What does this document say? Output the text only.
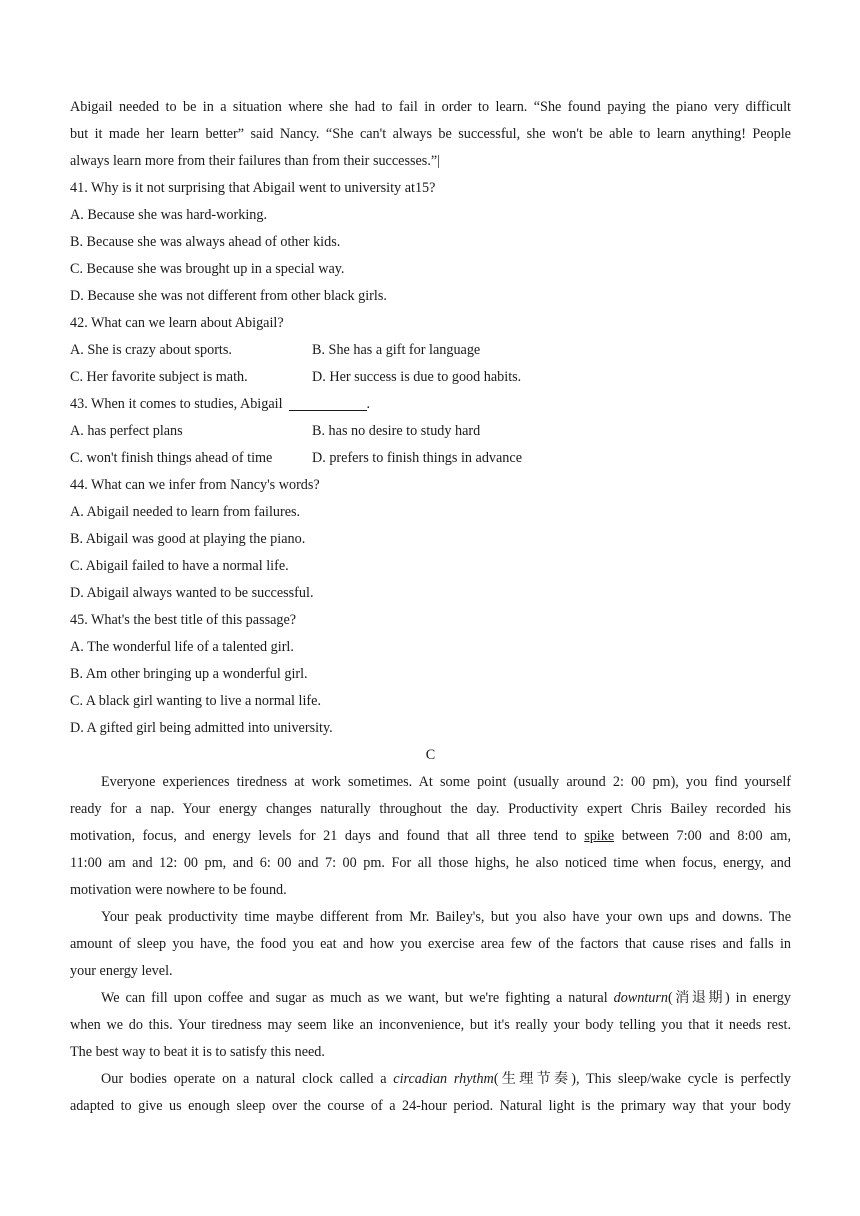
Abigail needed to be in a situation where she had to fail in order to learn. “She found paying the piano very difficult
but it made her learn better” said Nancy. “She can't always be successful, she won't be able to learn anything! People
always learn more from their failures than from their successes.”|
41. Why is it not surprising that Abigail went to university at15?
A. Because she was hard-working.
B. Because she was always ahead of other kids.
C. Because she was brought up in a special way.
D. Because she was not different from other black girls.
42. What can we learn about Abigail?
A. She is crazy about sports.	B. She has a gift for language
C. Her favorite subject is math.	D. Her success is due to good habits.
43. When it comes to studies, Abigail	.
A. has perfect plans	B. has no desire to study hard
C. won't finish things ahead of time	D. prefers to finish things in advance
44. What can we infer from Nancy's words?
A. Abigail needed to learn from failures.
B. Abigail was good at playing the piano.
C. Abigail failed to have a normal life.
D. Abigail always wanted to be successful.
45. What's the best title of this passage?
A. The wonderful life of a talented girl.
B. Am other bringing up a wonderful girl.
C. A black girl wanting to live a normal life.
D. A gifted girl being admitted into university.
C
Everyone experiences tiredness at work sometimes. At some point (usually around 2: 00 pm), you find yourself
ready for a nap. Your energy changes naturally throughout the day. Productivity expert Chris Bailey recorded his
motivation, focus, and energy levels for 21 days and found that all three tend to spike between 7:00 and 8:00 am,
11:00 am and 12: 00 pm, and 6: 00 and 7: 00 pm. For all those highs, he also noticed time when focus, energy, and
motivation were nowhere to be found.
Your peak productivity time maybe different from Mr. Bailey's, but you also have your own ups and downs. The
amount of sleep you have, the food you eat and how you exercise area few of the factors that cause rises and falls in
your energy level.
We can fill upon coffee and sugar as much as we want, but we're fighting a natural downturn(消退期) in energy
when we do this. Your tiredness may seem like an inconvenience, but it's really your body telling you that it needs rest.
The best way to beat it is to satisfy this need.
Our bodies operate on a natural clock called a circadian rhythm(生理节奏), This sleep/wake cycle is perfectly
adapted to give us enough sleep over the course of a 24-hour period. Natural light is the primary way that your body
